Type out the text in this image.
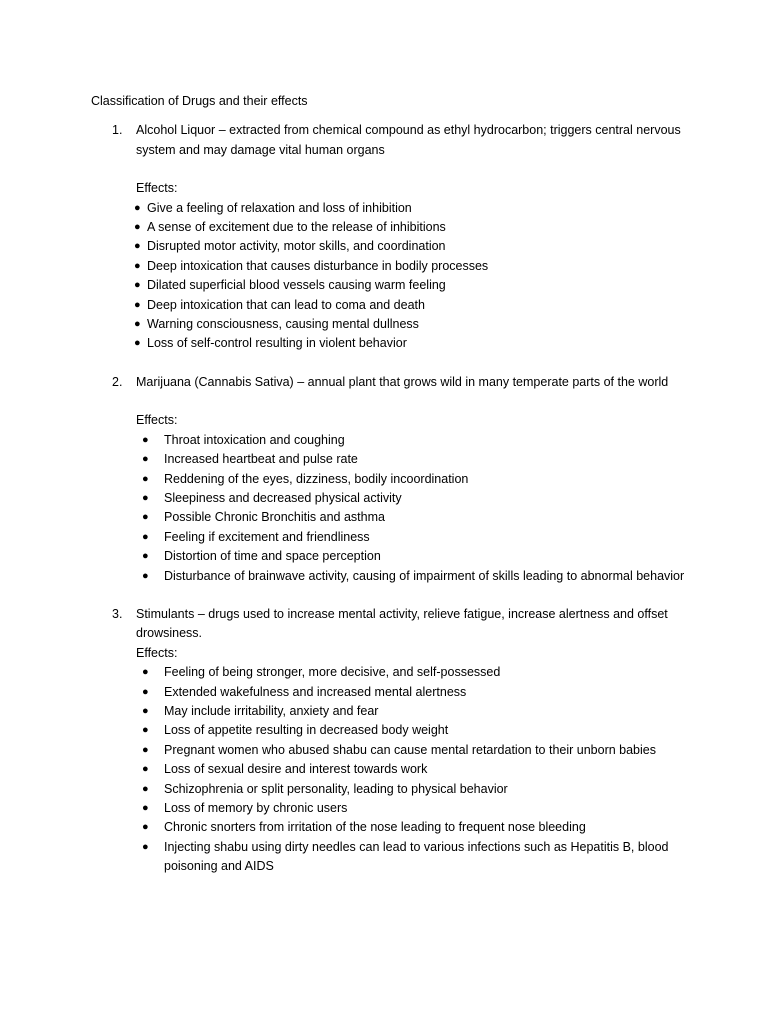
Classification of Drugs and their effects

1. Alcohol Liquor – extracted from chemical compound as ethyl hydrocarbon; triggers central nervous system and may damage vital human organs

Effects:

● Give a feeling of relaxation and loss of inhibition
● A sense of excitement due to the release of inhibitions
● Disrupted motor activity, motor skills, and coordination
● Deep intoxication that causes disturbance in bodily processes
● Dilated superficial blood vessels causing warm feeling
● Deep intoxication that can lead to coma and death
● Warning consciousness, causing mental dullness
● Loss of self-control resulting in violent behavior
2. Marijuana (Cannabis Sativa) – annual plant that grows wild in many temperate parts of the world

Effects:

● Throat intoxication and coughing
● Increased heartbeat and pulse rate
● Reddening of the eyes, dizziness, bodily incoordination
● Sleepiness and decreased physical activity
● Possible Chronic Bronchitis and asthma
● Feeling if excitement and friendliness
● Distortion of time and space perception
● Disturbance of brainwave activity, causing of impairment of skills leading to abnormal behavior
3. Stimulants – drugs used to increase mental activity, relieve fatigue, increase alertness and offset drowsiness.

Effects:

● Feeling of being stronger, more decisive, and self-possessed
● Extended wakefulness and increased mental alertness
● May include irritability, anxiety and fear
● Loss of appetite resulting in decreased body weight
● Pregnant women who abused shabu can cause mental retardation to their unborn babies
● Loss of sexual desire and interest towards work
● Schizophrenia or split personality, leading to physical behavior
● Loss of memory by chronic users
● Chronic snorters from irritation of the nose leading to frequent nose bleeding
● Injecting shabu using dirty needles can lead to various infections such as Hepatitis B, blood poisoning and AIDS
